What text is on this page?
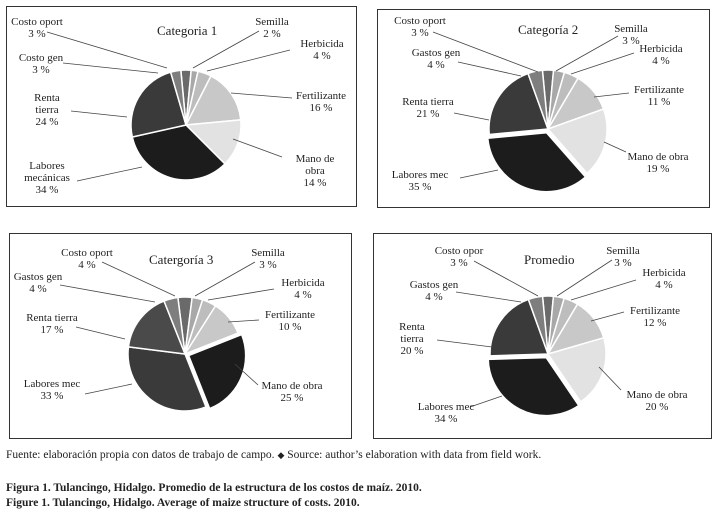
Categoria 1
Costo oport 3 %
Semilla 2 %
Herbicida 4 %
Fertilizante 16 %
Mano de obra 14 %
Labores mecánicas 34 %
Renta tierra 24 %
Costo gen 3 %
Categoría 2
Costo oport 3 %	Semilla 3 %
Herbicida 4 %
Fertilizante 11 %
Mano de obra 19 %
Labores mec 35 %
Renta tierra 21 %
Gastos gen 4 %
Catergoría 3
Costo oport 4 %
Semilla 3 %
Herbicida 4 %
Fertilizante 10 %
Mano de obra 25 %
Labores mec 33 %
Renta tierra 17 %
Gastos gen 4 %
Promedio
Costo opor 3 %
Semilla 3 %
Herbicida 4 %
Fertilizante 12 %
Mano de obra 20 %
Labores mec 34 %
Renta tierra 20 %
Gastos gen 4 %
Fuente: elaboración propia con datos de trabajo de campo. ◆ Source: author’s elaboration with data from field work.
Figura 1. Tulancingo, Hidalgo. Promedio de la estructura de los costos de maíz. 2010.
Figure 1. Tulancingo, Hidalgo. Average of maize structure of costs. 2010.
